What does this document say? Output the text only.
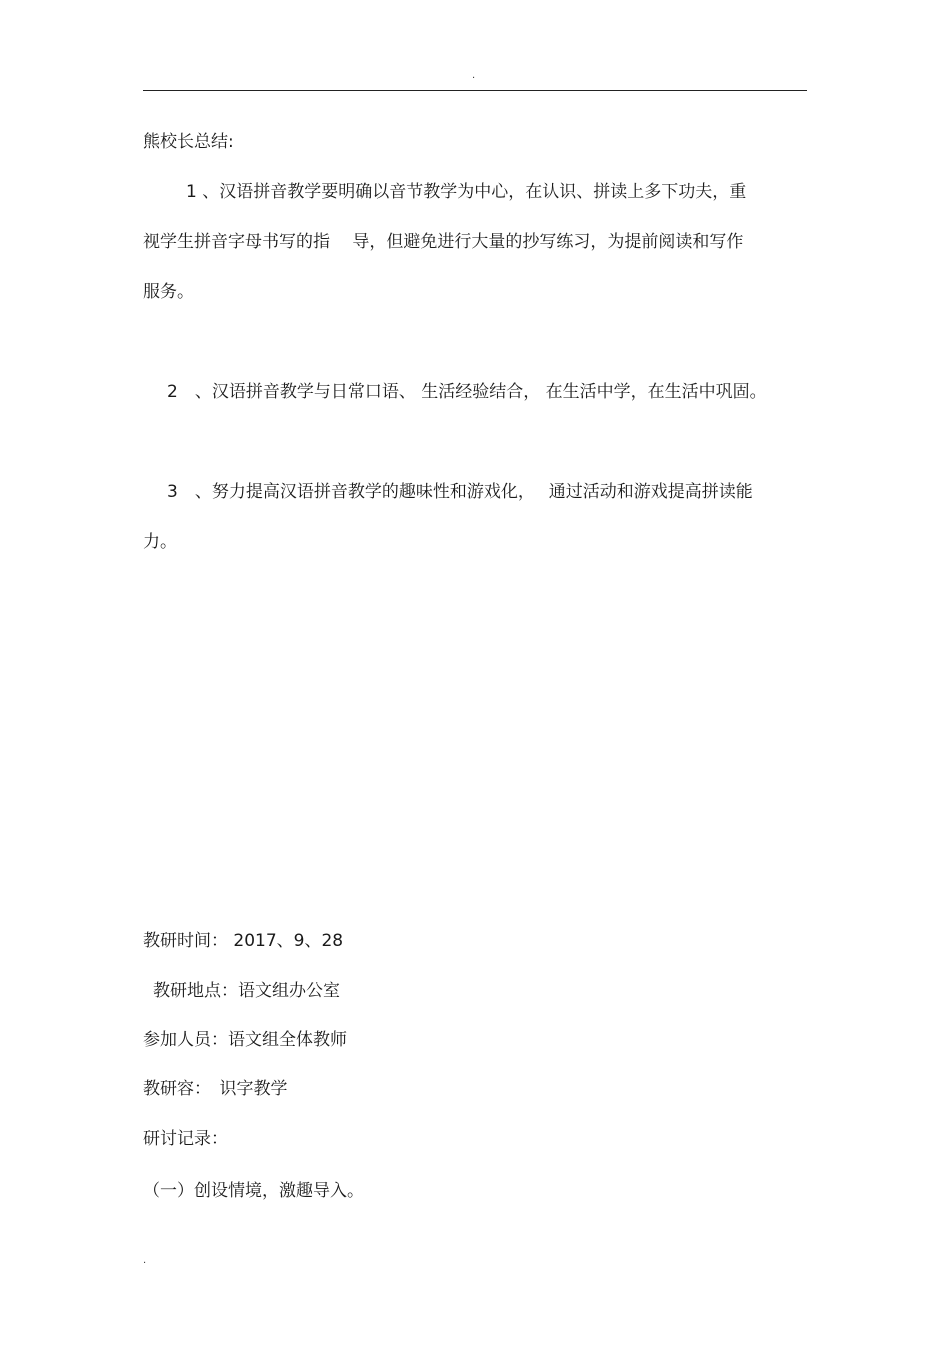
.
熊校长总结:
1 、汉语拼音教学要明确以音节教学为中心，在认识、拼读上多下功夫，重
视学生拼音字母书写的指　 导，但避免进行大量的抄写练习，为提前阅读和写作
服务。
2　、汉语拼音教学与日常口语、 生活经验结合， 在生活中学，在生活中巩固。
3　、努力提高汉语拼音教学的趣味性和游戏化，　 通过活动和游戏提高拼读能
力。
教研时间： 2017、9、28
教研地点：语文组办公室
参加人员：语文组全体教师
教研容：　识字教学
研讨记录：
（一）创设情境，激趣导入。
.
